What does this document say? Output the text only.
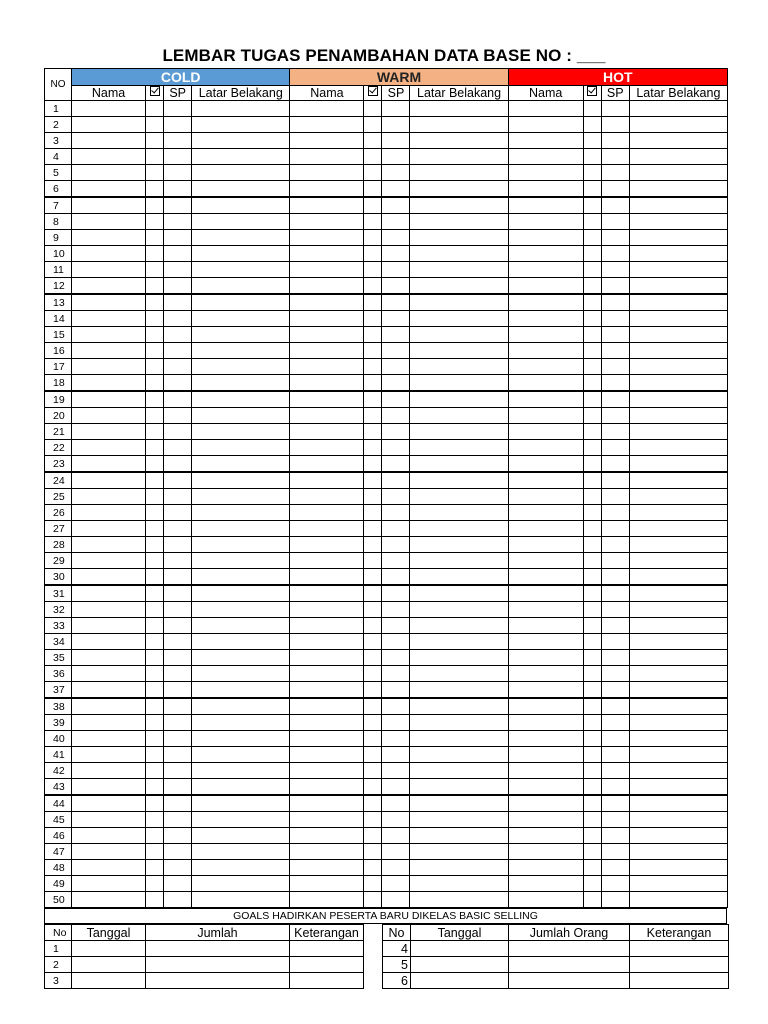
LEMBAR TUGAS PENAMBAHAN DATA BASE NO : ___
NO	COLD				WARM				HOT			
	Nama		SP	Latar Belakang	Nama		SP	Latar Belakang	Nama		SP	Latar Belakang
1												
2												
3												
4												
5												
6												
7												
8												
9												
10												
11												
12												
13												
14												
15												
16												
17												
18												
19												
20												
21												
22												
23												
24												
25												
26												
27												
28												
29												
30												
31												
32												
33												
34												
35												
36												
37												
38												
39												
40												
41												
42												
43												
44												
45												
46												
47												
48												
49												
50												
GOALS HADIRKAN PESERTA BARU DIKELAS BASIC SELLING
No	Tanggal	Jumlah	Keterangan		No	Tanggal	Jumlah Orang	Keterangan
1					4			
2					5			
3					6			
